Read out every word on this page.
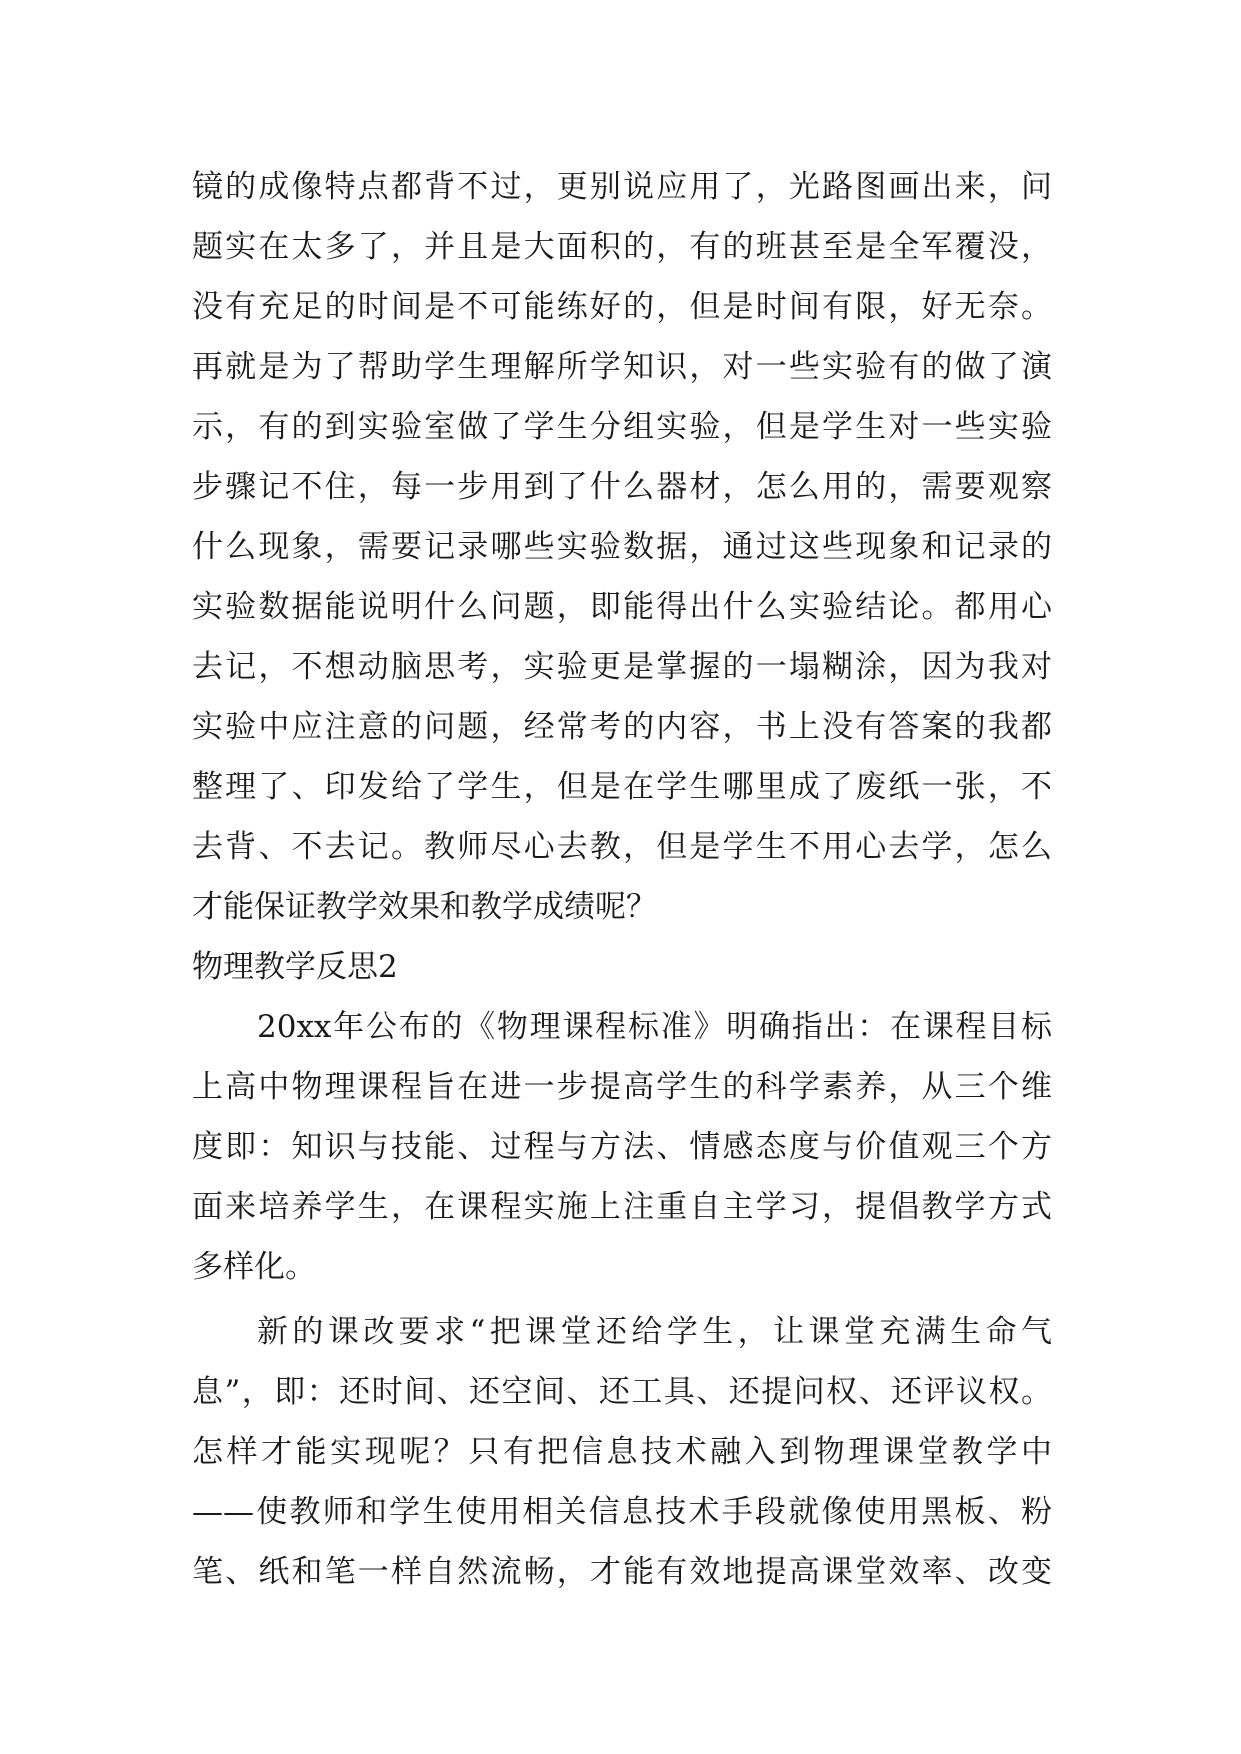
镜的成像特点都背不过，更别说应用了，光路图画出来，问
题实在太多了，并且是大面积的，有的班甚至是全军覆没，
没有充足的时间是不可能练好的，但是时间有限，好无奈。
再就是为了帮助学生理解所学知识，对一些实验有的做了演
示，有的到实验室做了学生分组实验，但是学生对一些实验
步骤记不住，每一步用到了什么器材，怎么用的，需要观察
什么现象，需要记录哪些实验数据，通过这些现象和记录的
实验数据能说明什么问题，即能得出什么实验结论。都用心
去记，不想动脑思考，实验更是掌握的一塌糊涂，因为我对
实验中应注意的问题，经常考的内容，书上没有答案的我都
整理了、印发给了学生，但是在学生哪里成了废纸一张，不
去背、不去记。教师尽心去教，但是学生不用心去学，怎么
才能保证教学效果和教学成绩呢？
物理教学反思2
20xx年公布的《物理课程标准》明确指出：在课程目标
上高中物理课程旨在进一步提高学生的科学素养，从三个维
度即：知识与技能、过程与方法、情感态度与价值观三个方
面来培养学生，在课程实施上注重自主学习，提倡教学方式
多样化。
新的课改要求“把课堂还给学生，让课堂充满生命气
息”，即：还时间、还空间、还工具、还提问权、还评议权。
怎样才能实现呢？只有把信息技术融入到物理课堂教学中
——使教师和学生使用相关信息技术手段就像使用黑板、粉
笔、纸和笔一样自然流畅，才能有效地提高课堂效率、改变
